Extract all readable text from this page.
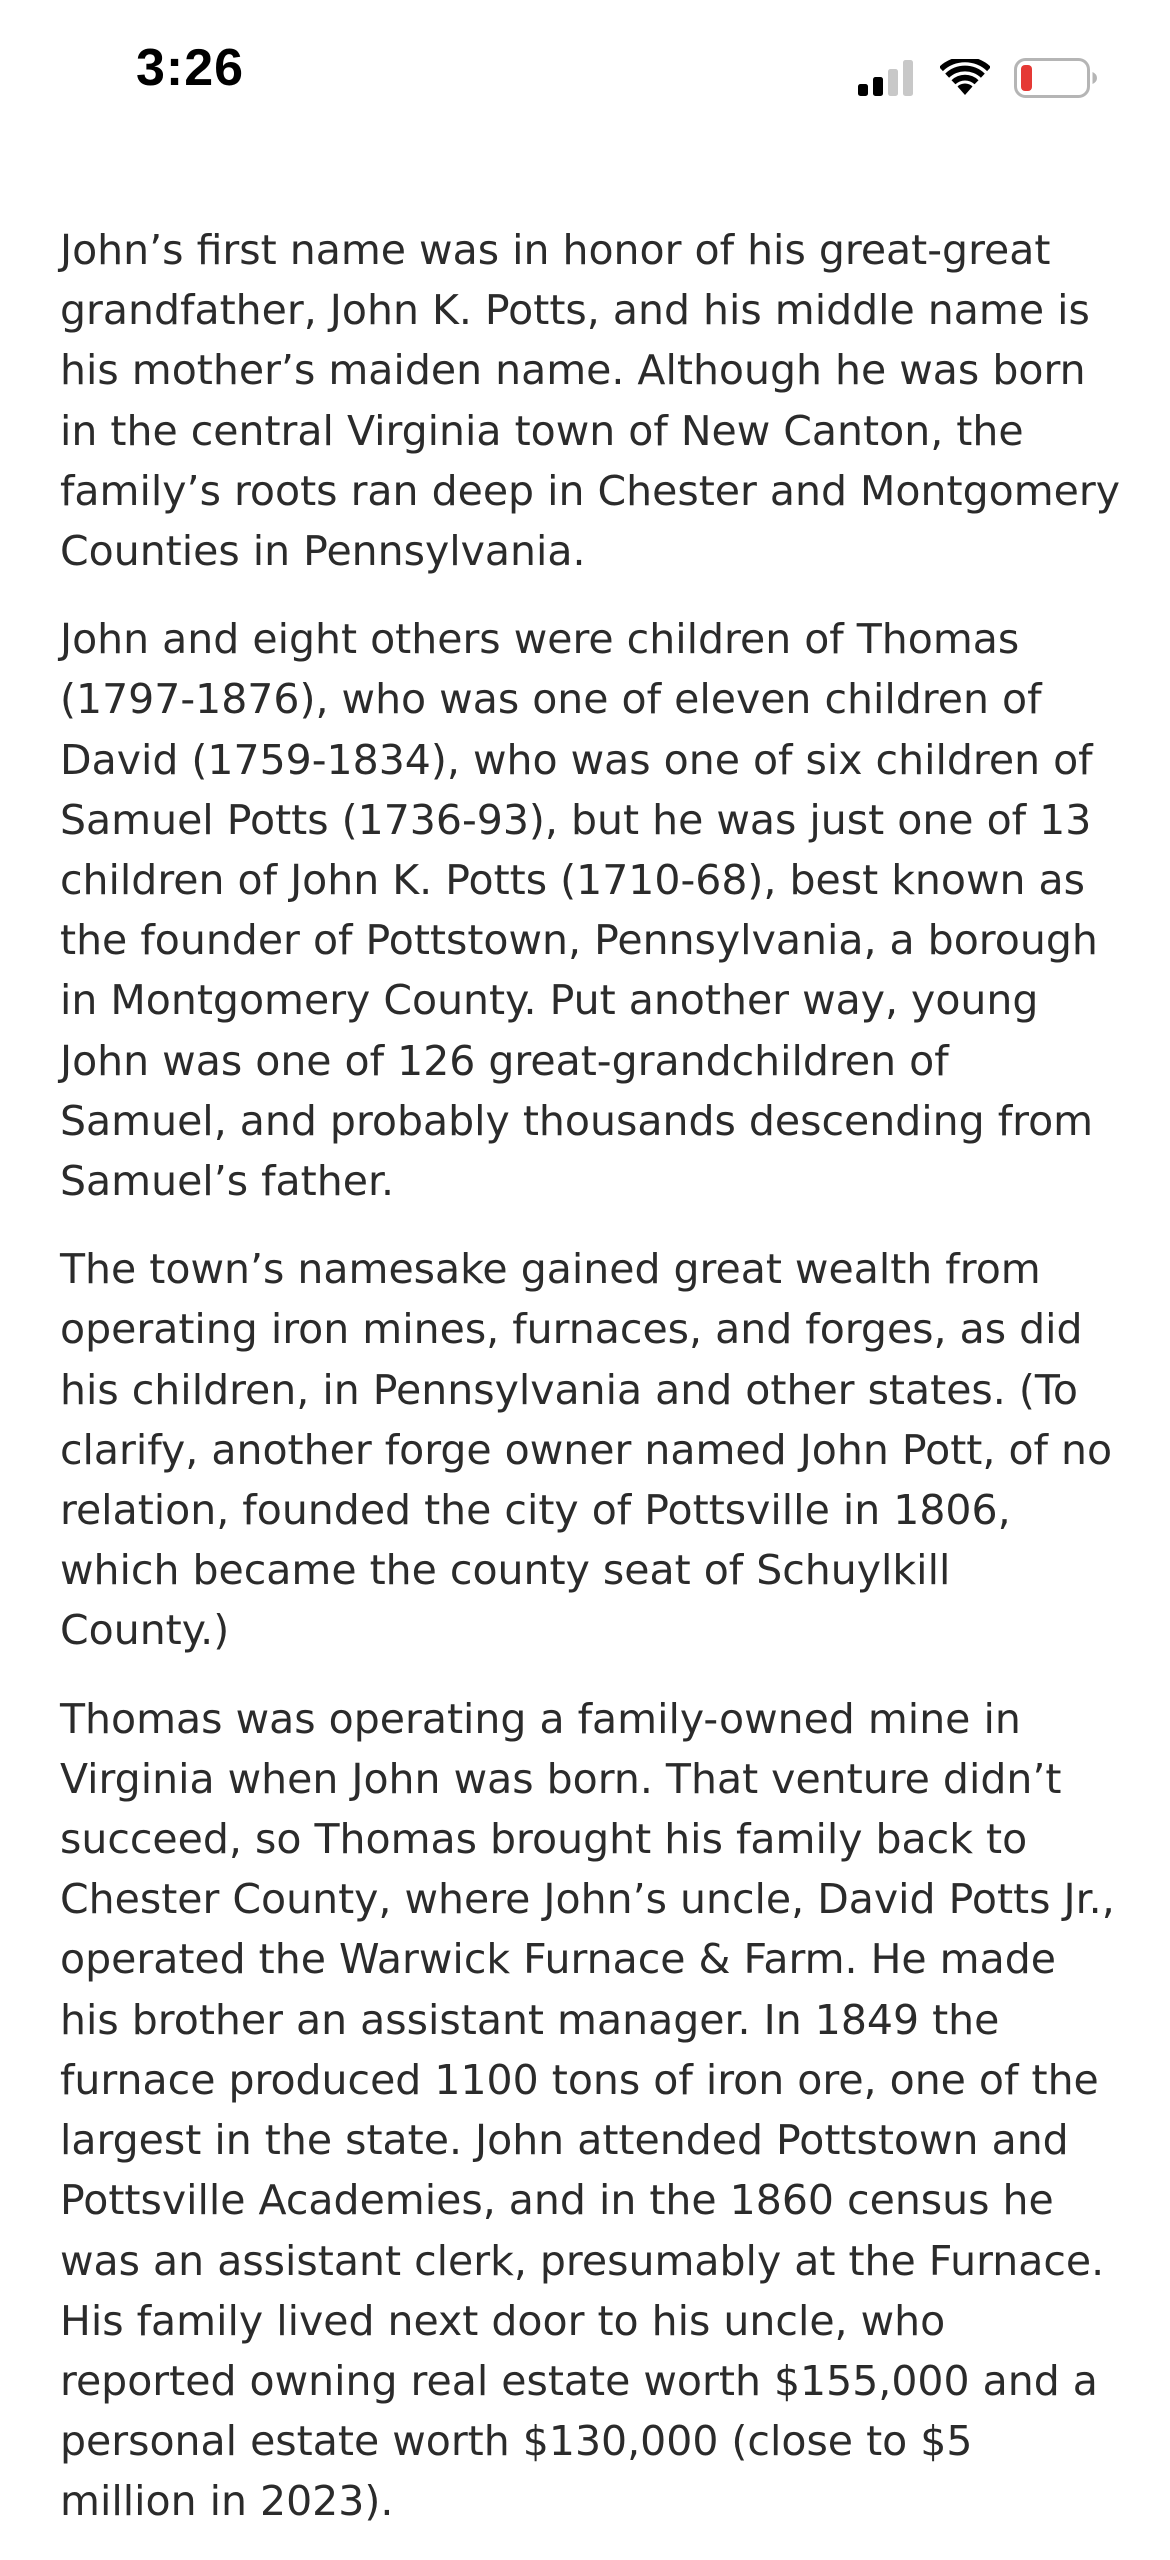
3:26

John’s first name was in honor of his great-great grandfather, John K. Potts, and his middle name is his mother’s maiden name. Although he was born in the central Virginia town of New Canton, the family’s roots ran deep in Chester and Montgomery Counties in Pennsylvania.

John and eight others were children of Thomas (1797-1876), who was one of eleven children of David (1759-1834), who was one of six children of Samuel Potts (1736-93), but he was just one of 13 children of John K. Potts (1710-68), best known as the founder of Pottstown, Pennsylvania, a borough in Montgomery County. Put another way, young John was one of 126 great-grandchildren of Samuel, and probably thousands descending from Samuel’s father.

The town’s namesake gained great wealth from operating iron mines, furnaces, and forges, as did his children, in Pennsylvania and other states. (To clarify, another forge owner named John Pott, of no relation, founded the city of Pottsville in 1806, which became the county seat of Schuylkill County.)

Thomas was operating a family-owned mine in Virginia when John was born. That venture didn’t succeed, so Thomas brought his family back to Chester County, where John’s uncle, David Potts Jr., operated the Warwick Furnace & Farm. He made his brother an assistant manager. In 1849 the furnace produced 1100 tons of iron ore, one of the largest in the state. John attended Pottstown and Pottsville Academies, and in the 1860 census he was an assistant clerk, presumably at the Furnace. His family lived next door to his uncle, who reported owning real estate worth $155,000 and a personal estate worth $130,000 (close to $5 million in 2023).
